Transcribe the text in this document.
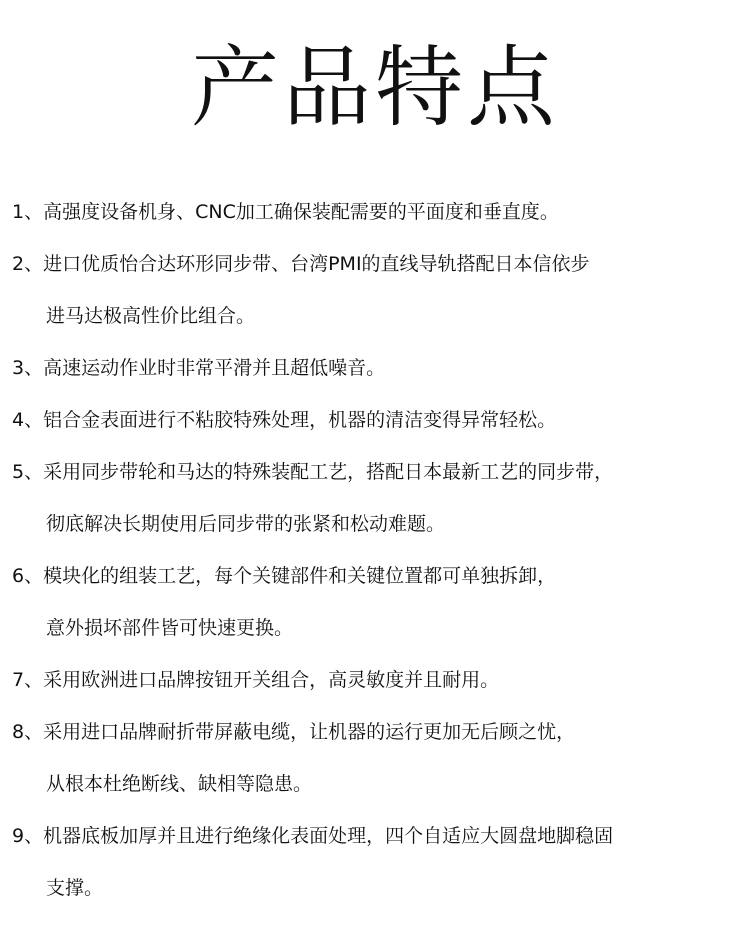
产品特点
1、高强度设备机身、CNC加工确保装配需要的平面度和垂直度。
2、进口优质怡合达环形同步带、台湾PMI的直线导轨搭配日本信依步
进马达极高性价比组合。
3、高速运动作业时非常平滑并且超低噪音。
4、铝合金表面进行不粘胶特殊处理，机器的清洁变得异常轻松。
5、采用同步带轮和马达的特殊装配工艺，搭配日本最新工艺的同步带，
彻底解决长期使用后同步带的张紧和松动难题。
6、模块化的组装工艺，每个关键部件和关键位置都可单独拆卸，
意外损坏部件皆可快速更换。
7、采用欧洲进口品牌按钮开关组合，高灵敏度并且耐用。
8、采用进口品牌耐折带屏蔽电缆，让机器的运行更加无后顾之忧，
从根本杜绝断线、缺相等隐患。
9、机器底板加厚并且进行绝缘化表面处理，四个自适应大圆盘地脚稳固
支撑。
